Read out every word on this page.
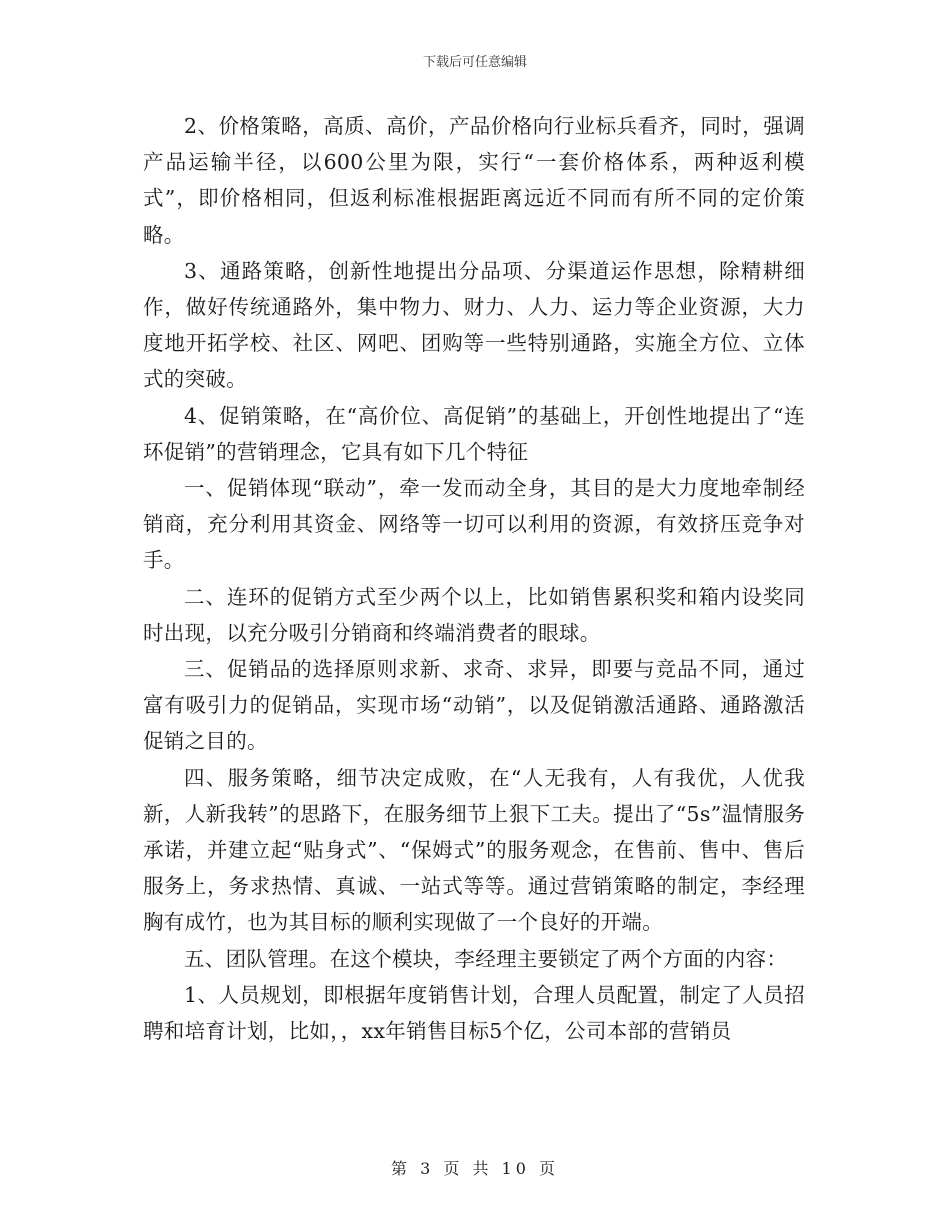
下载后可任意编辑

2、价格策略，高质、高价，产品价格向行业标兵看齐，同时，强调产品运输半径，以600公里为限，实行“一套价格体系，两种返利模式”，即价格相同，但返利标准根据距离远近不同而有所不同的定价策略。

3、通路策略，创新性地提出分品项、分渠道运作思想，除精耕细作，做好传统通路外，集中物力、财力、人力、运力等企业资源，大力度地开拓学校、社区、网吧、团购等一些特别通路，实施全方位、立体式的突破。

4、促销策略，在“高价位、高促销”的基础上，开创性地提出了“连环促销”的营销理念，它具有如下几个特征

一、促销体现“联动”，牵一发而动全身，其目的是大力度地牵制经销商，充分利用其资金、网络等一切可以利用的资源，有效挤压竞争对手。

二、连环的促销方式至少两个以上，比如销售累积奖和箱内设奖同时出现，以充分吸引分销商和终端消费者的眼球。

三、促销品的选择原则求新、求奇、求异，即要与竞品不同，通过富有吸引力的促销品，实现市场“动销”，以及促销激活通路、通路激活促销之目的。

四、服务策略，细节决定成败，在“人无我有，人有我优，人优我新，人新我转”的思路下，在服务细节上狠下工夫。提出了“5s”温情服务承诺，并建立起“贴身式”、“保姆式”的服务观念，在售前、售中、售后服务上，务求热情、真诚、一站式等等。通过营销策略的制定，李经理胸有成竹，也为其目标的顺利实现做了一个良好的开端。

五、团队管理。在这个模块，李经理主要锁定了两个方面的内容：

1、人员规划，即根据年度销售计划，合理人员配置，制定了人员招聘和培育计划，比如，，xx年销售目标5个亿，公司本部的营销员

第 3 页 共 10 页
